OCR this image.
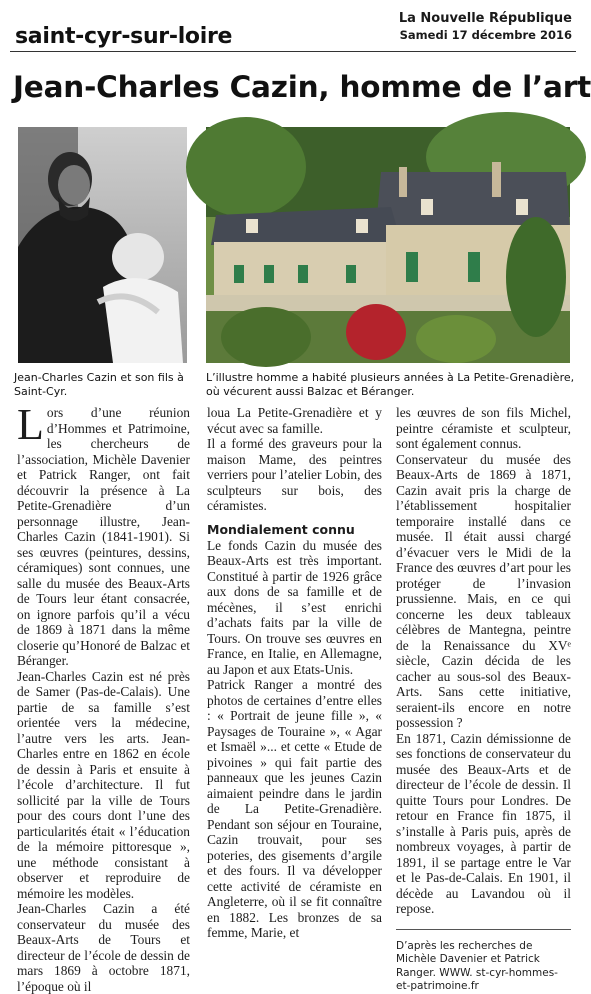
saint-cyr-sur-loire
La Nouvelle République
Samedi 17 décembre 2016
Jean-Charles Cazin, homme de l’art
Jean-Charles Cazin et son fils à Saint-Cyr.
L’illustre homme a habité plusieurs années à La Petite-Grenadière, où vécurent aussi Balzac et Béranger.

Lors d’une réunion d’Hommes et Patrimoine, les chercheurs de l’association, Michèle Davenier et Patrick Ranger, ont fait découvrir la présence à La Petite-Grenadière d’un personnage illustre, Jean-Charles Cazin (1841-1901). Si ses œuvres (peintures, dessins, céramiques) sont connues, une salle du musée des Beaux-Arts de Tours leur étant consacrée, on ignore parfois qu’il a vécu de 1869 à 1871 dans la même closerie qu’Honoré de Balzac et Béranger.

Jean-Charles Cazin est né près de Samer (Pas-de-Calais). Une partie de sa famille s’est orientée vers la médecine, l’autre vers les arts. Jean-Charles entre en 1862 en école de dessin à Paris et ensuite à l’école d’architecture. Il fut sollicité par la ville de Tours pour des cours dont l’une des particularités était « l’éducation de la mémoire pittoresque », une méthode consistant à observer et reproduire de mémoire les modèles.

Jean-Charles Cazin a été conservateur du musée des Beaux-Arts de Tours et directeur de l’école de dessin de mars 1869 à octobre 1871, l’époque où il

loua La Petite-Grenadière et y vécut avec sa famille.

Il a formé des graveurs pour la maison Mame, des peintres verriers pour l’atelier Lobin, des sculpteurs sur bois, des céramistes.

Mondialement connu

Le fonds Cazin du musée des Beaux-Arts est très important. Constitué à partir de 1926 grâce aux dons de sa famille et de mécènes, il s’est enrichi d’achats faits par la ville de Tours. On trouve ses œuvres en France, en Italie, en Allemagne, au Japon et aux Etats-Unis.

Patrick Ranger a montré des photos de certaines d’entre elles : « Portrait de jeune fille », « Paysages de Touraine », « Agar et Ismaël »... et cette « Etude de pivoines » qui fait partie des panneaux que les jeunes Cazin aimaient peindre dans le jardin de La Petite-Grenadière. Pendant son séjour en Touraine, Cazin trouvait, pour ses poteries, des gisements d’argile et des fours. Il va développer cette activité de céramiste en Angleterre, où il se fit connaître en 1882. Les bronzes de sa femme, Marie, et

les œuvres de son fils Michel, peintre céramiste et sculpteur, sont également connus.

Conservateur du musée des Beaux-Arts de 1869 à 1871, Cazin avait pris la charge de l’établissement hospitalier temporaire installé dans ce musée. Il était aussi chargé d’évacuer vers le Midi de la France des œuvres d’art pour les protéger de l’invasion prussienne. Mais, en ce qui concerne les deux tableaux célèbres de Mantegna, peintre de la Renaissance du XVᵉ siècle, Cazin décida de les cacher au sous-sol des Beaux-Arts. Sans cette initiative, seraient-ils encore en notre possession ?

En 1871, Cazin démissionne de ses fonctions de conservateur du musée des Beaux-Arts et de directeur de l’école de dessin. Il quitte Tours pour Londres. De retour en France fin 1875, il s’installe à Paris puis, après de nombreux voyages, à partir de 1891, il se partage entre le Var et le Pas-de-Calais. En 1901, il décède au Lavandou où il repose.

D’après les recherches de Michèle Davenier et Patrick Ranger. WWW. st-cyr-hommes-et-patrimoine.fr
